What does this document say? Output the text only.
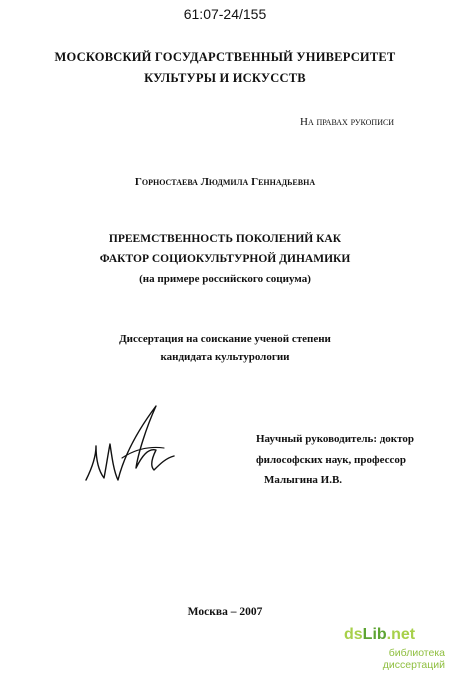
61:07-24/155
МОСКОВСКИЙ ГОСУДАРСТВЕННЫЙ УНИВЕРСИТЕТ
КУЛЬТУРЫ И ИСКУССТВ
На правах рукописи
Горностаева Людмила Геннадьевна
ПРЕЕМСТВЕННОСТЬ ПОКОЛЕНИЙ КАК
ФАКТОР СОЦИОКУЛЬТУРНОЙ ДИНАМИКИ
(на примере российского социума)
Диссертация на соискание ученой степени
кандидата культурологии
Научный руководитель: доктор
философских наук, профессор
Малыгина И.В.
Москва – 2007
dsLib.net
библиотека диссертаций
